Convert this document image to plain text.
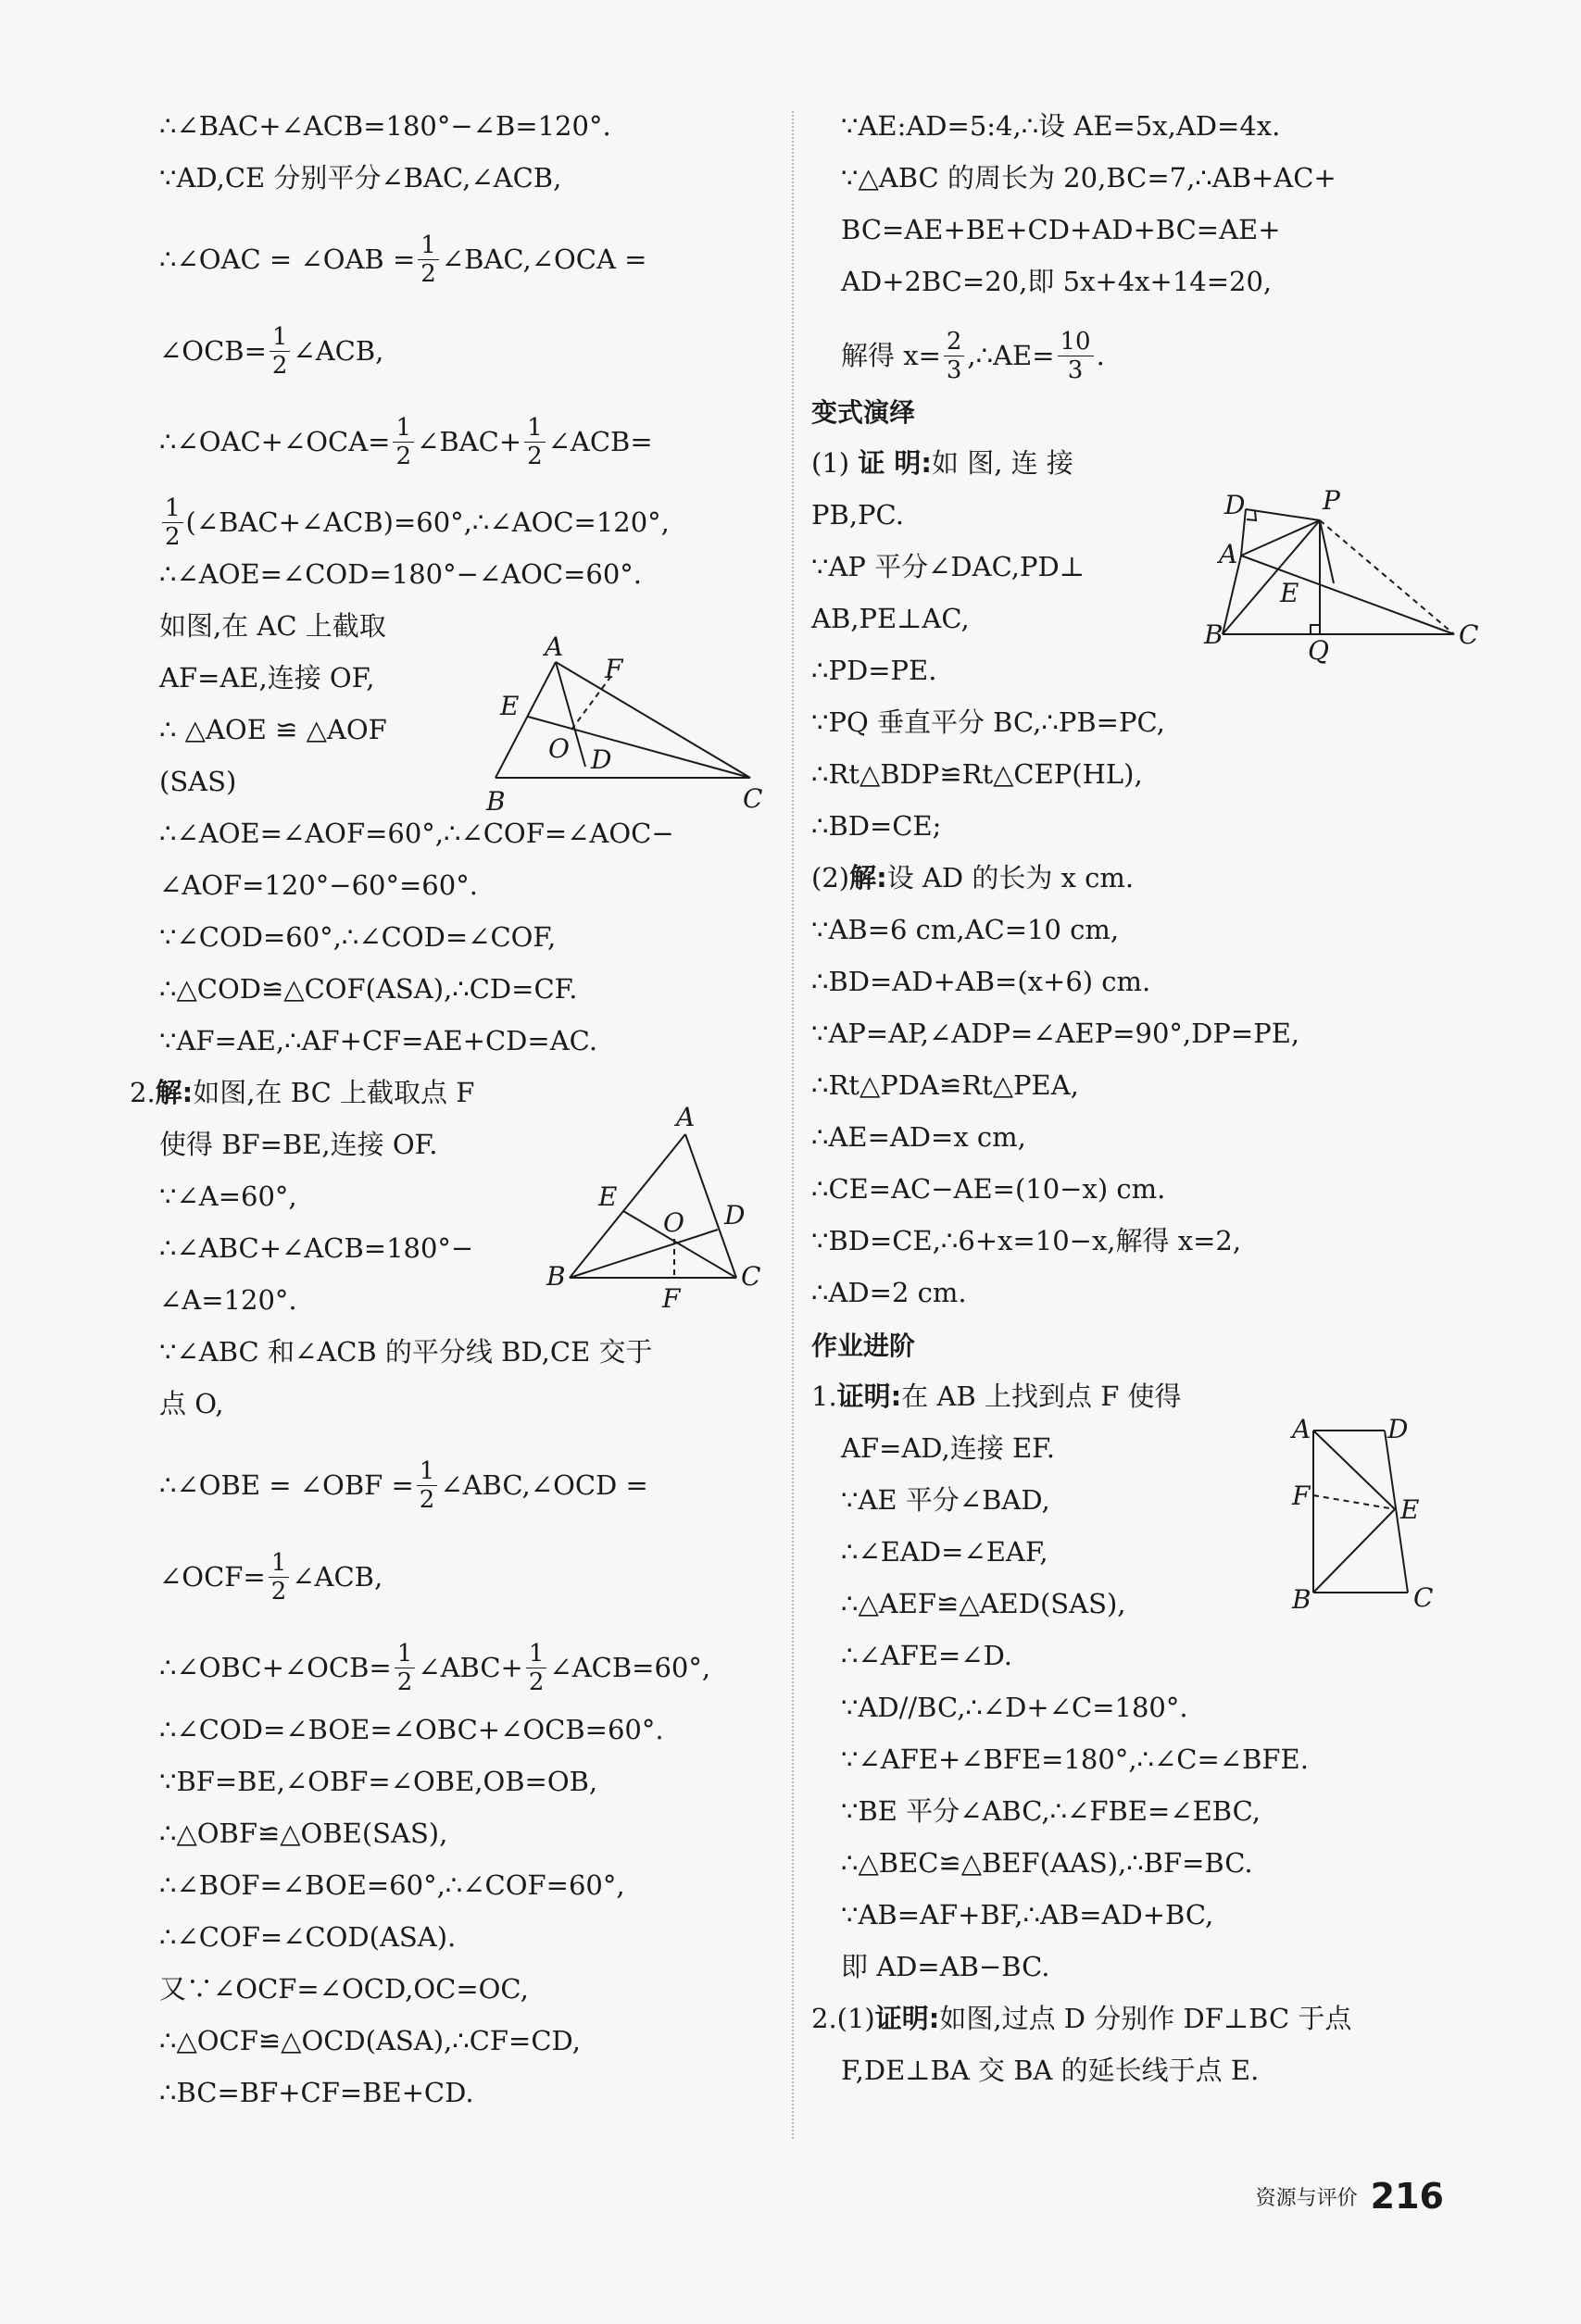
∴∠BAC+∠ACB=180°−∠B=120°.
∵AD,CE 分别平分∠BAC,∠ACB,
∴∠OAC = ∠OAB = $\frac{1}{2}$ ∠BAC,∠OCA =
∠OCB= $\frac{1}{2}$ ∠ACB,
∴∠OAC+∠OCA= $\frac{1}{2}$ ∠BAC+ $\frac{1}{2}$ ∠ACB=
$\frac{1}{2}$ (∠BAC+∠ACB)=60°,∴∠AOC=120°,
∴∠AOE=∠COD=180°−∠AOC=60°.
如图,在 AC 上截取
AF=AE,连接 OF,
∴ △AOE ≌ △AOF
(SAS)
∴∠AOE=∠AOF=60°,∴∠COF=∠AOC−
∠AOF=120°−60°=60°.
∵∠COD=60°,∴∠COD=∠COF,
∴△COD≌△COF(ASA),∴CD=CF.
∵AF=AE,∴AF+CF=AE+CD=AC.
2.解:如图,在 BC 上截取点 F
使得 BF=BE,连接 OF.
∵∠A=60°,
∴∠ABC+∠ACB=180°−
∠A=120°.
∵∠ABC 和∠ACB 的平分线 BD,CE 交于
点 O,
∴∠OBE = ∠OBF = $\frac{1}{2}$ ∠ABC,∠OCD =
∠OCF= $\frac{1}{2}$ ∠ACB,
∴∠OBC+∠OCB= $\frac{1}{2}$ ∠ABC+ $\frac{1}{2}$ ∠ACB=60°,
∴∠COD=∠BOE=∠OBC+∠OCB=60°.
∵BF=BE,∠OBF=∠OBE,OB=OB,
∴△OBF≌△OBE(SAS),
∴∠BOF=∠BOE=60°,∴∠COF=60°,
∴∠COF=∠COD(ASA).
又∵∠OCF=∠OCD,OC=OC,
∴△OCF≌△OCD(ASA),∴CF=CD,
∴BC=BF+CF=BE+CD.
A
B	C
D
E
F
O
A
B	C
D
E
F
O
∵AE:AD=5:4,∴设 AE=5x,AD=4x.
∵△ABC 的周长为 20,BC=7,∴AB+AC+
BC=AE+BE+CD+AD+BC=AE+
AD+2BC=20,即 5x+4x+14=20,
解得 $x= \frac{2}{3}$ ,∴AE= $\frac{10}{3}$ .
变式演绎
(1) 证 明:如 图, 连 接
PB,PC.
∵AP 平分∠DAC,PD⊥
AB,PE⊥AC,
∴PD=PE.
∵PQ 垂直平分 BC,∴PB=PC,
∴Rt△BDP≌Rt△CEP(HL),
∴BD=CE;
(2)解:设 AD 的长为 x cm.
∵AB=6 cm,AC=10 cm,
∴BD=AD+AB=(x+6) cm.
∵AP=AP,∠ADP=∠AEP=90°,DP=PE,
∴Rt△PDA≌Rt△PEA,
∴AE=AD=x cm,
∴CE=AC−AE=(10−x) cm.
∵BD=CE,∴6+x=10−x,解得 x=2,
∴AD=2 cm.
作业进阶
1.证明:在 AB 上找到点 F 使得
AF=AD,连接 EF.
∵AE 平分∠BAD,
∴∠EAD=∠EAF,
∴△AEF≌△AED(SAS),
∴∠AFE=∠D.
∵AD//BC,∴∠D+∠C=180°.
∵∠AFE+∠BFE=180°,∴∠C=∠BFE.
∵BE 平分∠ABC,∴∠FBE=∠EBC,
∴△BEC≌△BEF(AAS),∴BF=BC.
∵AB=AF+BF,∴AB=AD+BC,
即 AD=AB−BC.
2.(1)证明:如图,过点 D 分别作 DF⊥BC 于点
F,DE⊥BA 交 BA 的延长线于点 E.
D	P
A
E
B	C
Q
A	D
F	E
B	C
资源与评价 216
